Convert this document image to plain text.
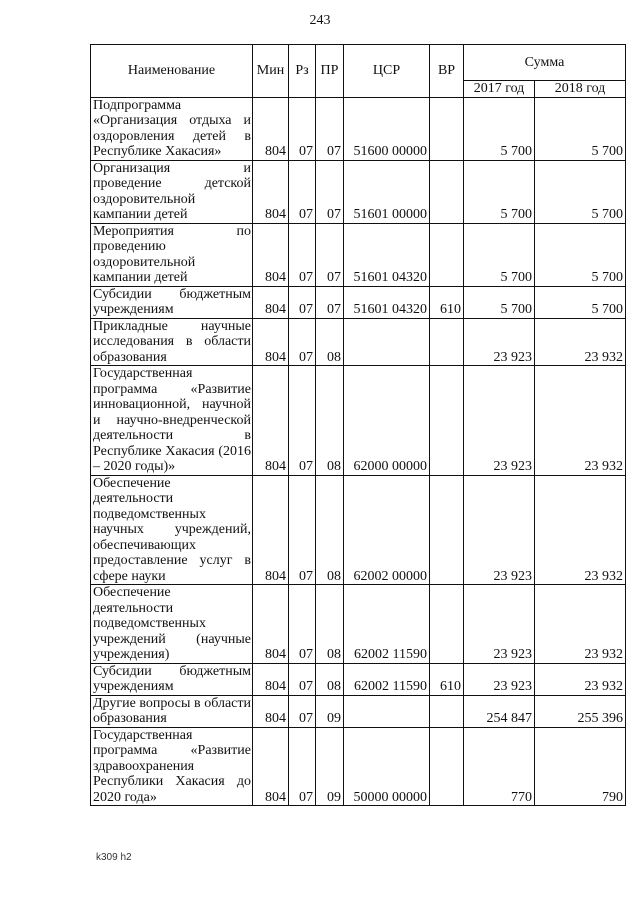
243
Наименование	Мин	Рз	ПР	ЦСР	ВР	Сумма	
						2017 год	2018 год
Подпрограмма «Организация отдыха и оздоровления детей в Республике Хакасия»	804	07	07	51600 00000		5 700	5 700
Организация и проведение детской оздоровительной кампании детей	804	07	07	51601 00000		5 700	5 700
Мероприятия по проведению оздоровительной кампании детей	804	07	07	51601 04320		5 700	5 700
Субсидии бюджетным учреждениям	804	07	07	51601 04320	610	5 700	5 700
Прикладные научные исследования в области образования	804	07	08			23 923	23 932
Государственная программа «Развитие инновационной, научной и научно-внедренческой деятельности в Республике Хакасия (2016 – 2020 годы)»	804	07	08	62000 00000		23 923	23 932
Обеспечение деятельности подведомственных научных учреждений, обеспечивающих предоставление услуг в сфере науки	804	07	08	62002 00000		23 923	23 932
Обеспечение деятельности подведомственных учреждений (научные учреждения)	804	07	08	62002 11590		23 923	23 932
Субсидии бюджетным учреждениям	804	07	08	62002 11590	610	23 923	23 932
Другие вопросы в области образования	804	07	09			254 847	255 396
Государственная программа «Развитие здравоохранения Республики Хакасия до 2020 года»	804	07	09	50000 00000		770	790
k309 h2
